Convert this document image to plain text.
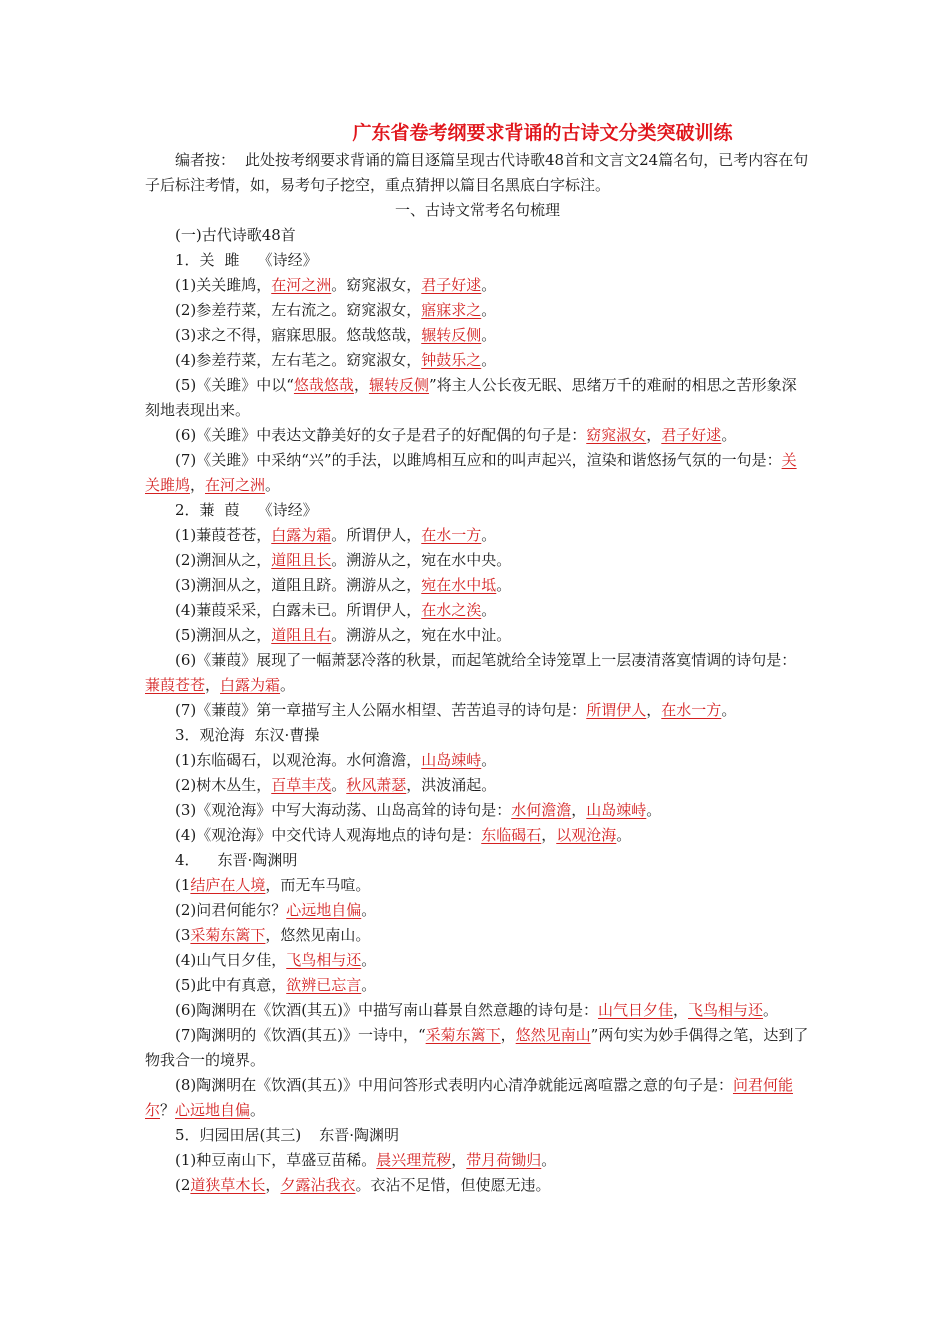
广东省卷考纲要求背诵的古诗文分类突破训练

编者按： 此处按考纲要求背诵的篇目逐篇呈现古代诗歌48首和文言文24篇名句，已考内容在句子后标注考情，如，易考句子挖空，重点猜押以篇目名黑底白字标注。

一、古诗文常考名句梳理

(一)古代诗歌48首

1．关 雎 《诗经》

(1)关关雎鸠，在河之洲。窈窕淑女，君子好逑。

(2)参差荇菜，左右流之。窈窕淑女，寤寐求之。

(3)求之不得，寤寐思服。悠哉悠哉，辗转反侧。

(4)参差荇菜，左右芼之。窈窕淑女，钟鼓乐之。

(5)《关雎》中以“悠哉悠哉，辗转反侧”将主人公长夜无眠、思绪万千的难耐的相思之苦形象深刻地表现出来。

(6)《关雎》中表达文静美好的女子是君子的好配偶的句子是：窈窕淑女，君子好逑。

(7)《关雎》中采纳“兴”的手法，以雎鸠相互应和的叫声起兴，渲染和谐悠扬气氛的一句是：关关雎鸠，在河之洲。

2．蒹 葭 《诗经》

(1)蒹葭苍苍，白露为霜。所谓伊人，在水一方。

(2)溯洄从之，道阻且长。溯游从之，宛在水中央。

(3)溯洄从之，道阻且跻。溯游从之，宛在水中坻。

(4)蒹葭采采，白露未已。所谓伊人，在水之涘。

(5)溯洄从之，道阻且右。溯游从之，宛在水中沚。

(6)《蒹葭》展现了一幅萧瑟冷落的秋景，而起笔就给全诗笼罩上一层凄清落寞情调的诗句是：蒹葭苍苍，白露为霜。

(7)《蒹葭》第一章描写主人公隔水相望、苦苦追寻的诗句是：所谓伊人，在水一方。

3．观沧海 东汉·曹操

(1)东临碣石，以观沧海。水何澹澹，山岛竦峙。

(2)树木丛生，百草丰茂。秋风萧瑟，洪波涌起。

(3)《观沧海》中写大海动荡、山岛高耸的诗句是：水何澹澹，山岛竦峙。

(4)《观沧海》中交代诗人观海地点的诗句是：东临碣石，以观沧海。

4． 东晋·陶渊明

(1结庐在人境，而无车马喧。

(2)问君何能尔？心远地自偏。

(3采菊东篱下，悠然见南山。

(4)山气日夕佳，飞鸟相与还。

(5)此中有真意，欲辨已忘言。

(6)陶渊明在《饮酒(其五)》中描写南山暮景自然意趣的诗句是：山气日夕佳，飞鸟相与还。

(7)陶渊明的《饮酒(其五)》一诗中，“采菊东篱下，悠然见南山”两句实为妙手偶得之笔，达到了物我合一的境界。

(8)陶渊明在《饮酒(其五)》中用问答形式表明内心清净就能远离喧嚣之意的句子是：问君何能尔？心远地自偏。

5．归园田居(其三) 东晋·陶渊明

(1)种豆南山下，草盛豆苗稀。晨兴理荒秽，带月荷锄归。

(2道狭草木长，夕露沾我衣。衣沾不足惜，但使愿无违。
